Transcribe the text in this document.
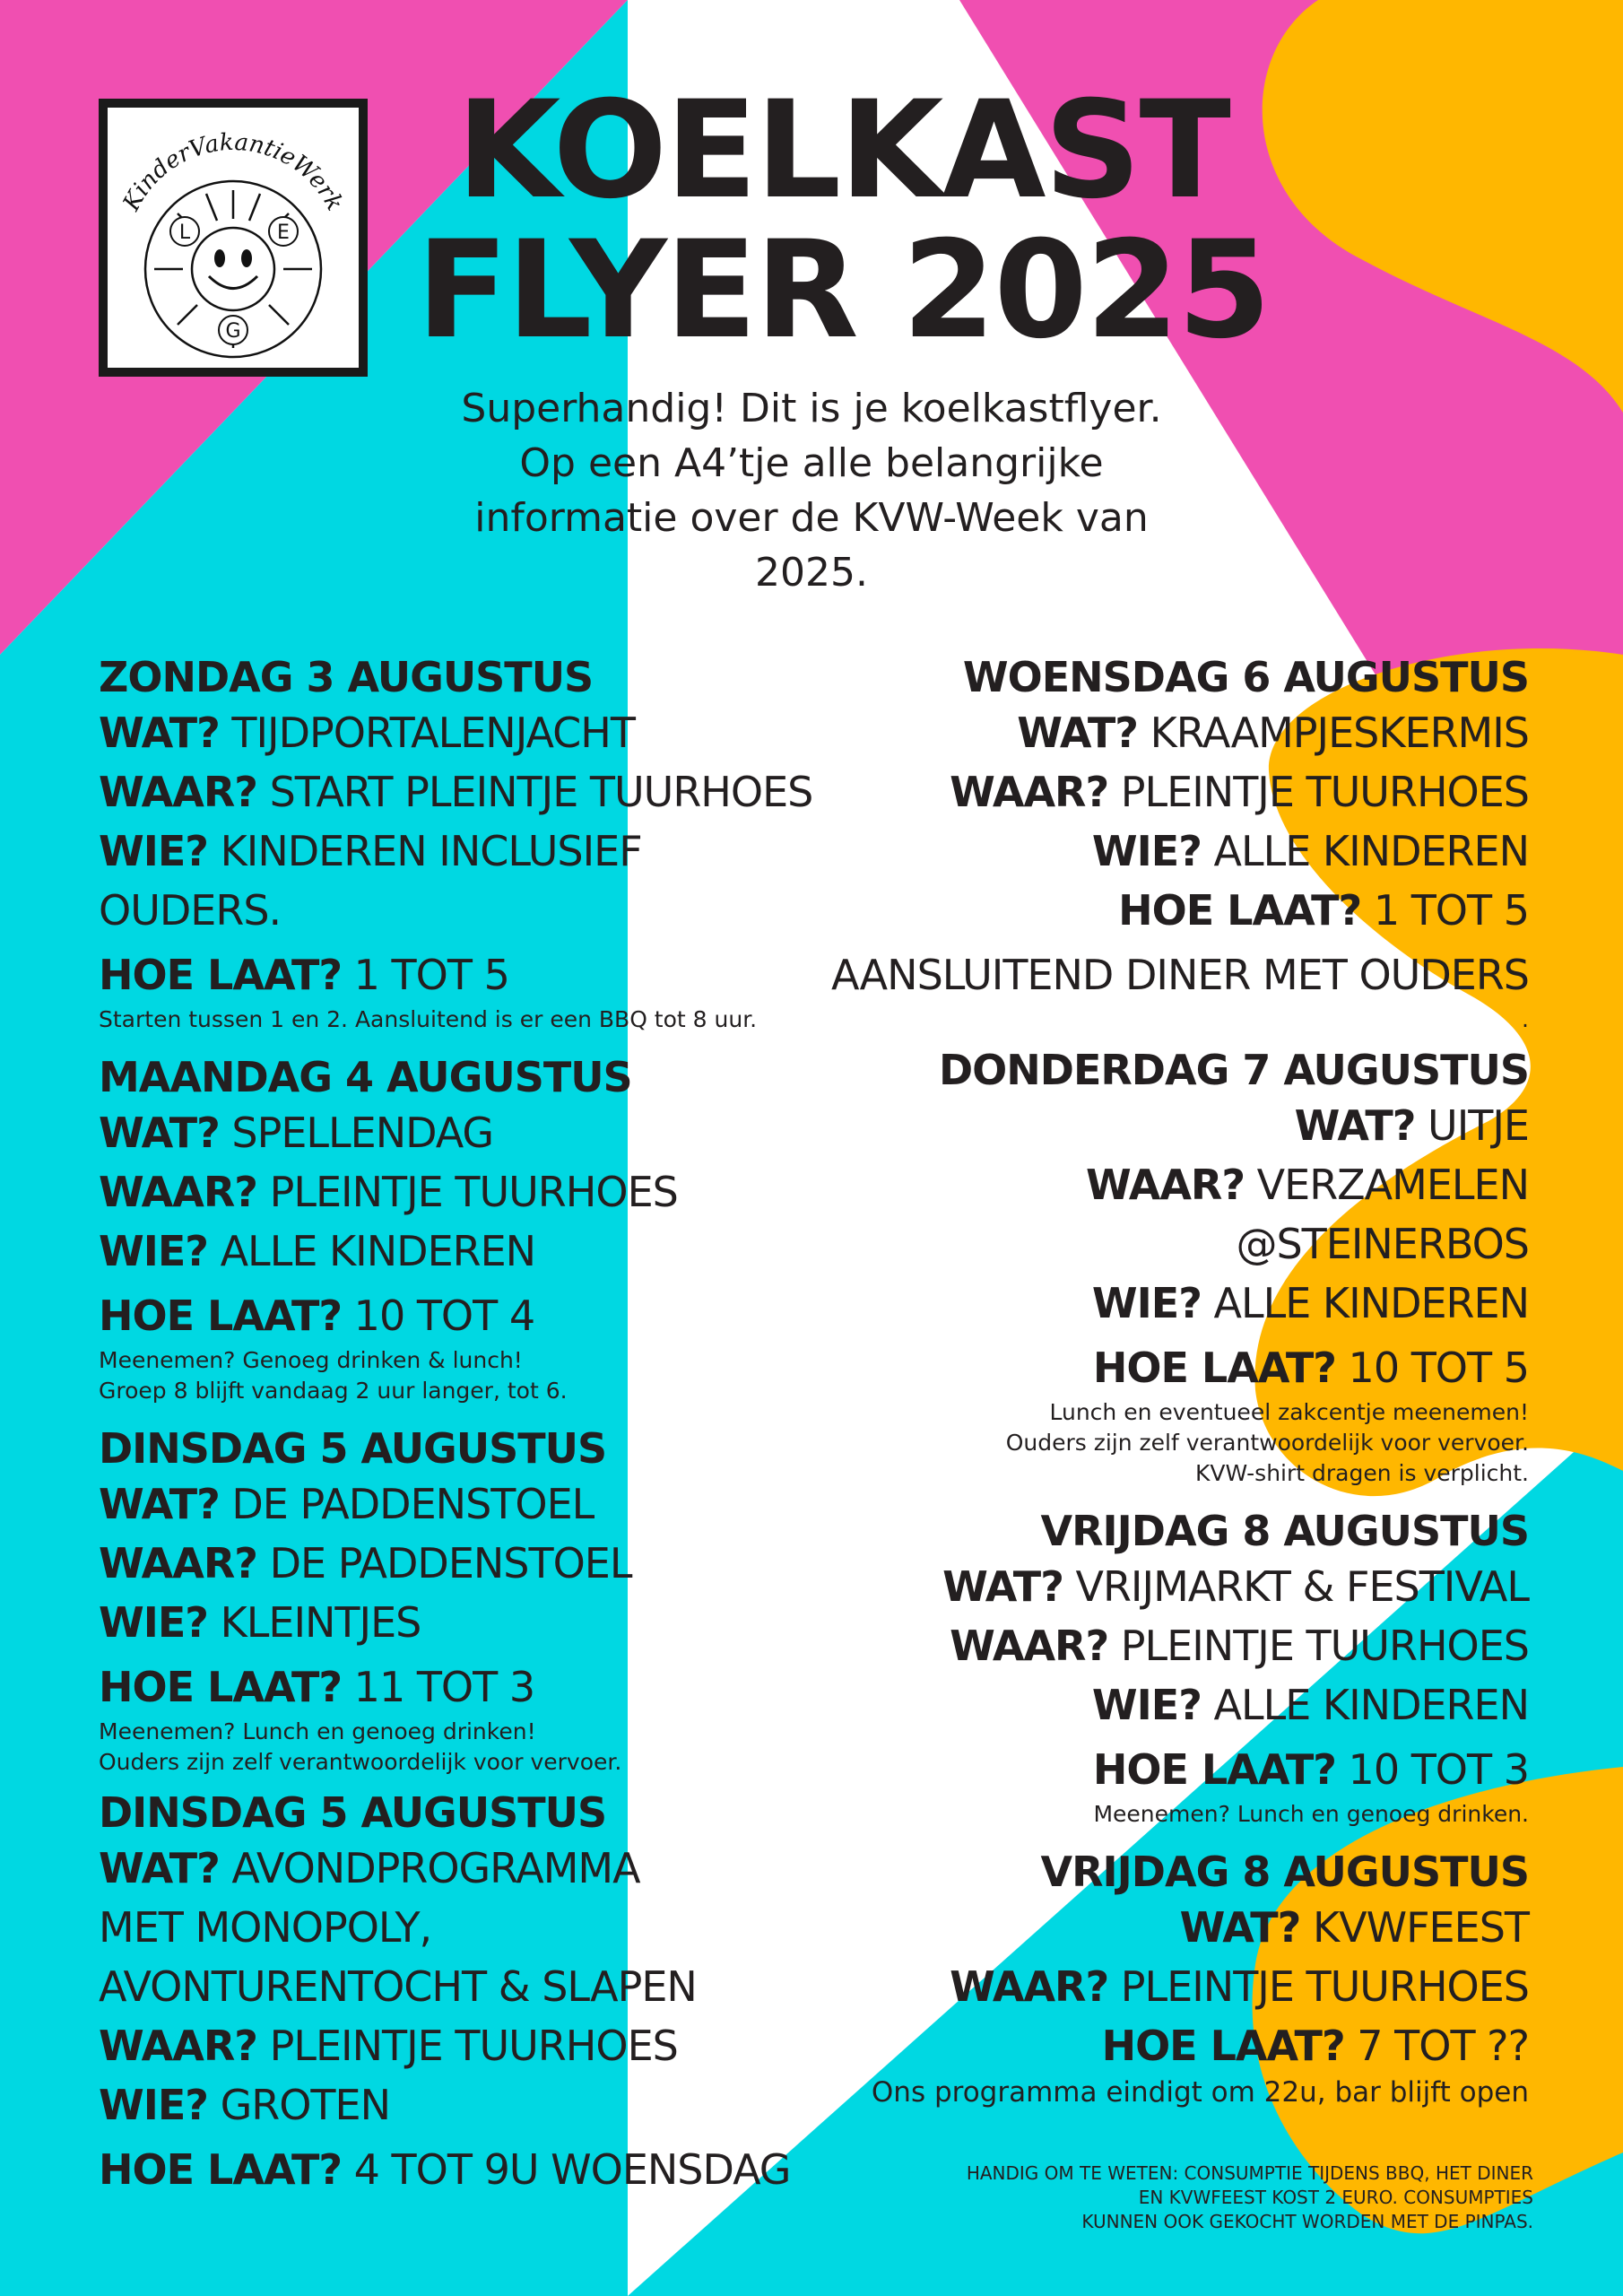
KinderVakantieWerk
L	E
G
KOELKAST
FLYER 2025
Superhandig! Dit is je koelkastflyer.
Op een A4’tje alle belangrijke
informatie over de KVW-Week van
2025.
ZONDAG 3 AUGUSTUS
WAT? TIJDPORTALENJACHT
WAAR? START PLEINTJE TUURHOES
WIE? KINDEREN INCLUSIEF
OUDERS.
HOE LAAT? 1 TOT 5
Starten tussen 1 en 2. Aansluitend is er een BBQ tot 8 uur.
MAANDAG 4 AUGUSTUS
WAT? SPELLENDAG
WAAR? PLEINTJE TUURHOES
WIE? ALLE KINDEREN
HOE LAAT? 10 TOT 4
Meenemen? Genoeg drinken & lunch!
Groep 8 blijft vandaag 2 uur langer, tot 6.
DINSDAG 5 AUGUSTUS
WAT? DE PADDENSTOEL
WAAR? DE PADDENSTOEL
WIE? KLEINTJES
HOE LAAT? 11 TOT 3
Meenemen? Lunch en genoeg drinken!
Ouders zijn zelf verantwoordelijk voor vervoer.
DINSDAG 5 AUGUSTUS
WAT? AVONDPROGRAMMA
MET MONOPOLY,
AVONTURENTOCHT & SLAPEN
WAAR? PLEINTJE TUURHOES
WIE? GROTEN
HOE LAAT? 4 TOT 9U WOENSDAG
WOENSDAG 6 AUGUSTUS
WAT? KRAAMPJESKERMIS
WAAR? PLEINTJE TUURHOES
WIE? ALLE KINDEREN
HOE LAAT? 1 TOT 5
AANSLUITEND DINER MET OUDERS
.
DONDERDAG 7 AUGUSTUS
WAT? UITJE
WAAR? VERZAMELEN
@STEINERBOS
WIE? ALLE KINDEREN
HOE LAAT? 10 TOT 5
Lunch en eventueel zakcentje meenemen!
Ouders zijn zelf verantwoordelijk voor vervoer.
KVW-shirt dragen is verplicht.
VRIJDAG 8 AUGUSTUS
WAT? VRIJMARKT & FESTIVAL
WAAR? PLEINTJE TUURHOES
WIE? ALLE KINDEREN
HOE LAAT? 10 TOT 3
Meenemen? Lunch en genoeg drinken.
VRIJDAG 8 AUGUSTUS
WAT? KVWFEEST
WAAR? PLEINTJE TUURHOES
HOE LAAT? 7 TOT ??
Ons programma eindigt om 22u, bar blijft open
HANDIG OM TE WETEN: CONSUMPTIE TIJDENS BBQ, HET DINER
EN KVWFEEST KOST 2 EURO. CONSUMPTIES
KUNNEN OOK GEKOCHT WORDEN MET DE PINPAS.
